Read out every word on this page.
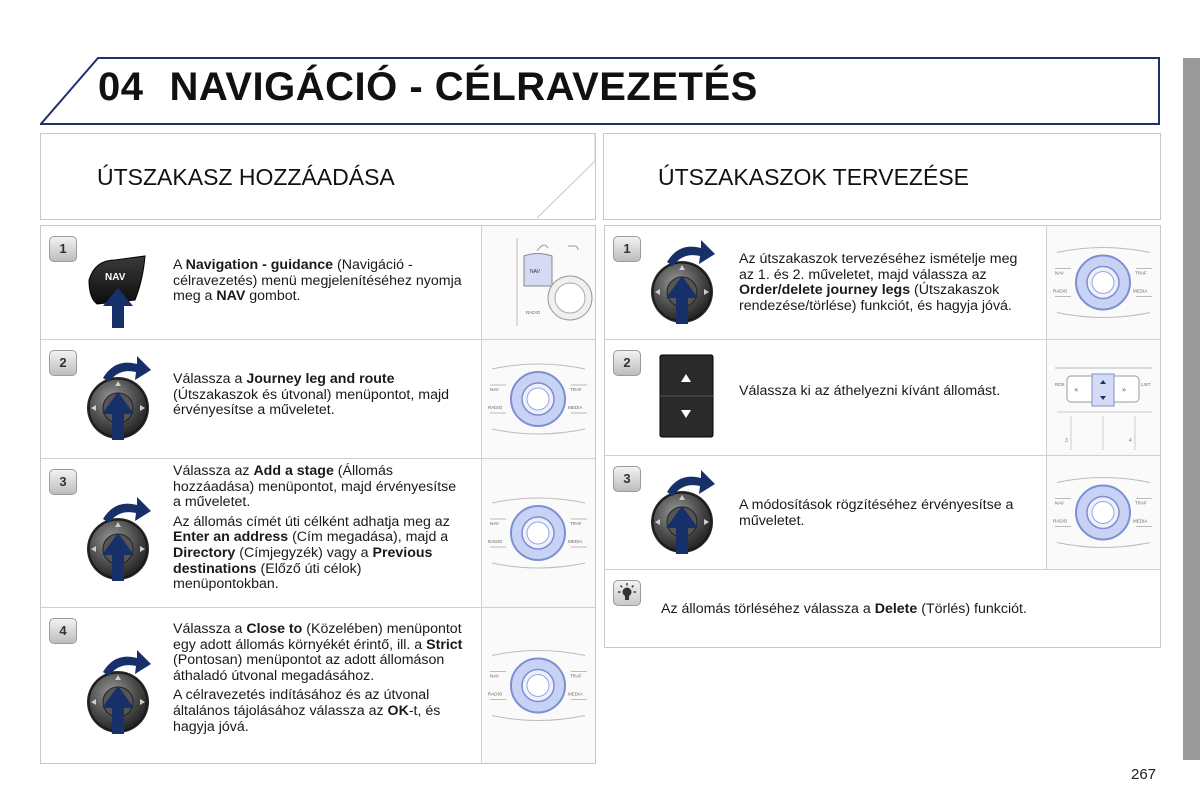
04 NAVIGÁCIÓ - CÉLRAVEZETÉS
ÚTSZAKASZ HOZZÁADÁSA	ÚTSZAKASZOK TERVEZÉSE
1
NAV

A Navigation - guidance (Navigáció - célravezetés) menü megjelenítéséhez nyomja meg a NAV gombot.

NAV
RADIO
2

Válassza a Journey leg and route (Útszakaszok és útvonal) menüpontot, majd érvényesítse a műveletet.

NAV	TRAF
RADIO	MEDIA
3

Válassza az Add a stage (Állomás hozzáadása) menüpontot, majd érvényesítse a műveletet.

Az állomás címét úti célként adhatja meg az Enter an address (Cím megadása), majd a Directory (Címjegyzék) vagy a Previous destinations (Előző úti célok) menüpontokban.

NAV	TRAF
RADIO	MEDIA
4	Válassza a Close to (Közelében) menüpontot egy adott állomás környékét érintő, ill. a Strict (Pontosan) menüpontot az adott állomáson áthaladó útvonal megadásához.

A célravezetés indításához és az útvonal általános tájolásához válassza az OK-t, és hagyja jóvá.

NAV	TRAF
RADIO	MEDIA
1

Az útszakaszok tervezéséhez ismételje meg az 1. és 2. műveletet, majd válassza az Order/delete journey legs (Útszakaszok rendezése/törlése) funkciót, és hagyja jóvá.

NAV	TRAF
RADIO	MEDIA
2

Válassza ki az áthelyezni kívánt állomást.	RDS	LIST
«	»
3	4
3

A módosítások rögzítéséhez érvényesítse a műveletet.

NAV	TRAF
RADIO	MEDIA
Az állomás törléséhez válassza a Delete (Törlés) funkciót.
267
